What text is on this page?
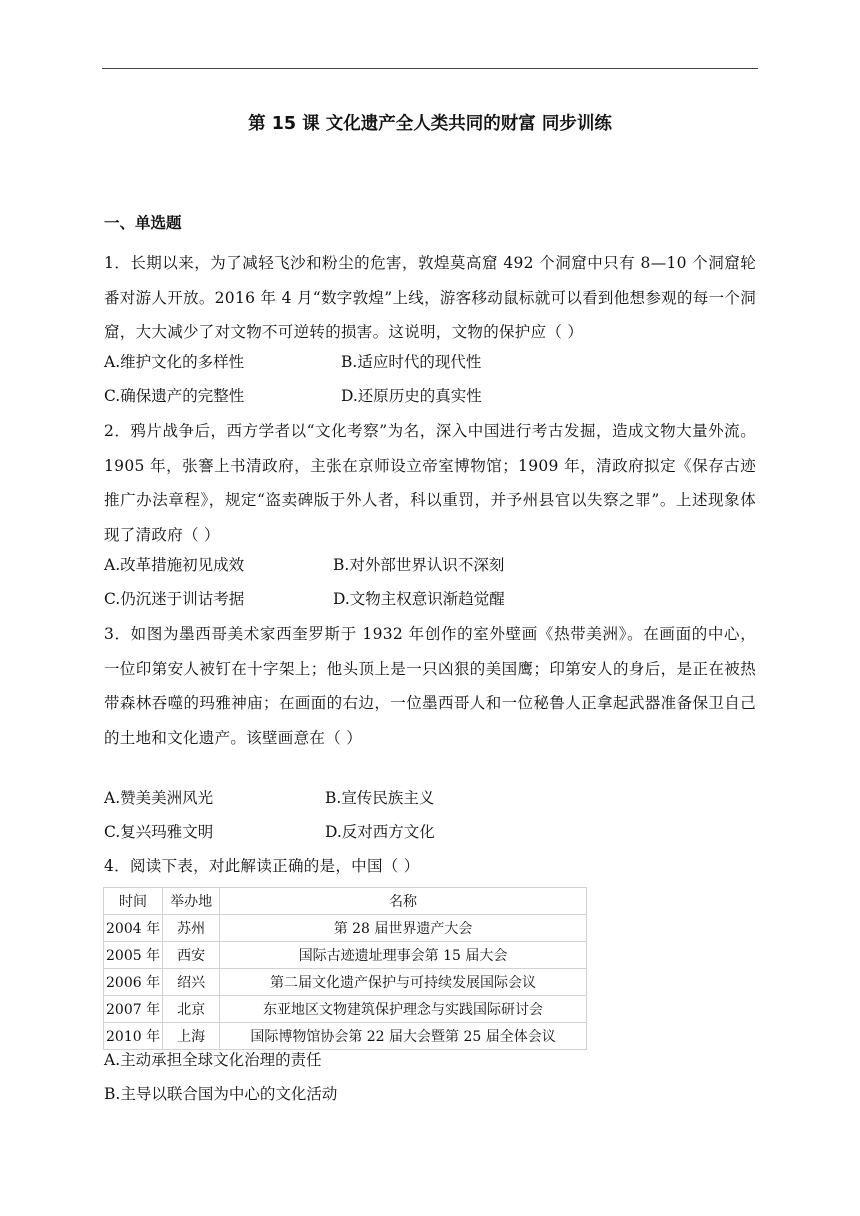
第 15 课 文化遗产全人类共同的财富 同步训练
一、单选题
1．长期以来，为了减轻飞沙和粉尘的危害，敦煌莫高窟 492 个洞窟中只有 8—10 个洞窟轮番对游人开放。2016 年 4 月“数字敦煌”上线，游客移动鼠标就可以看到他想参观的每一个洞窟，大大减少了对文物不可逆转的损害。这说明，文物的保护应（ ）
A.维护文化的多样性	B.适应时代的现代性
C.确保遗产的完整性	D.还原历史的真实性
2．鸦片战争后，西方学者以“文化考察”为名，深入中国进行考古发掘，造成文物大量外流。1905 年，张謇上书清政府，主张在京师设立帝室博物馆；1909 年，清政府拟定《保存古迹推广办法章程》，规定“盗卖碑版于外人者，科以重罚，并予州县官以失察之罪”。上述现象体现了清政府（ ）
A.改革措施初见成效	B.对外部世界认识不深刻
C.仍沉迷于训诂考据	D.文物主权意识渐趋觉醒
3．如图为墨西哥美术家西奎罗斯于 1932 年创作的室外壁画《热带美洲》。在画面的中心，一位印第安人被钉在十字架上；他头顶上是一只凶狠的美国鹰；印第安人的身后，是正在被热带森林吞噬的玛雅神庙；在画面的右边，一位墨西哥人和一位秘鲁人正拿起武器准备保卫自己的土地和文化遗产。该壁画意在（ ）
A.赞美美洲风光	B.宣传民族主义
C.复兴玛雅文明	D.反对西方文化
4．阅读下表，对此解读正确的是，中国（ ）
时间	举办地	名称
2004 年	苏州	第 28 届世界遗产大会
2005 年	西安	国际古迹遗址理事会第 15 届大会
2006 年	绍兴	第二届文化遗产保护与可持续发展国际会议
2007 年	北京	东亚地区文物建筑保护理念与实践国际研讨会
2010 年	上海	国际博物馆协会第 22 届大会暨第 25 届全体会议
A.主动承担全球文化治理的责任
B.主导以联合国为中心的文化活动
